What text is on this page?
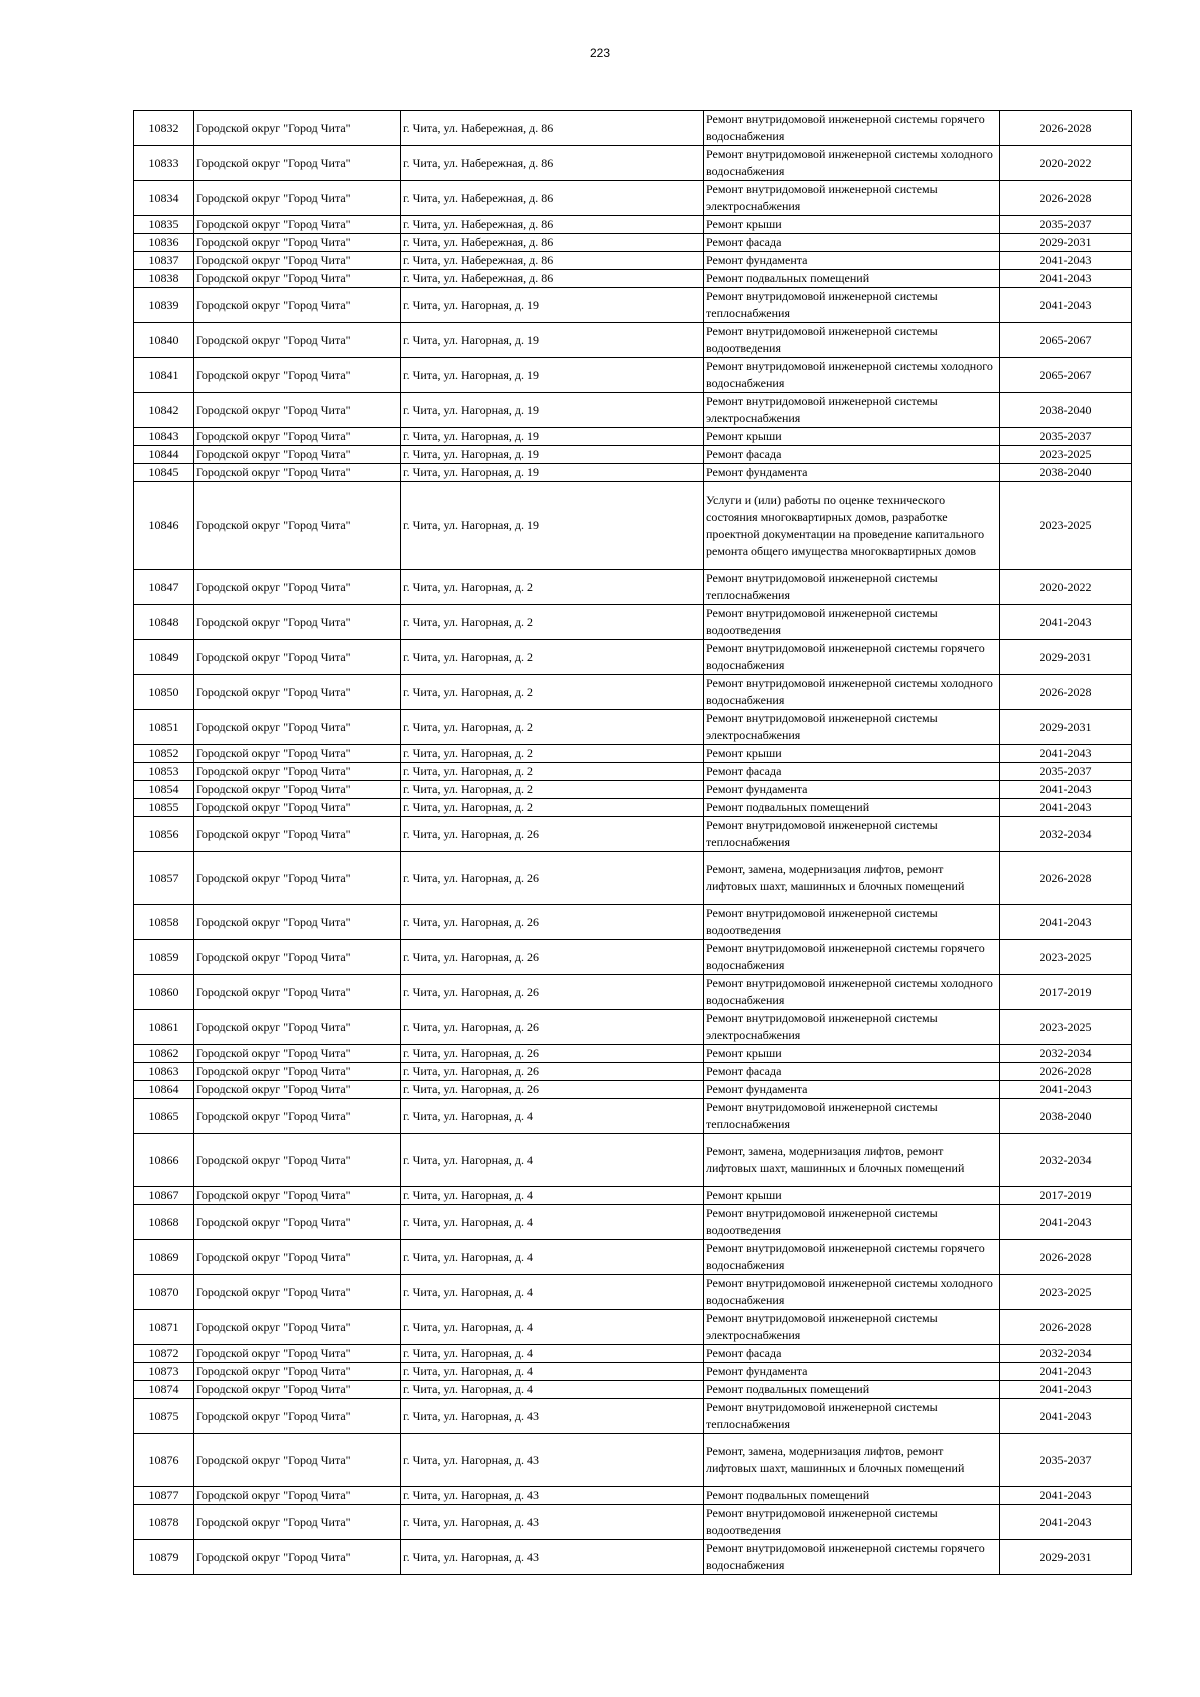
223
10832	Городской округ "Город Чита"	г. Чита, ул. Набережная, д. 86	Ремонт внутридомовой инженерной системы горячего водоснабжения	2026-2028
10833	Городской округ "Город Чита"	г. Чита, ул. Набережная, д. 86	Ремонт внутридомовой инженерной системы холодного водоснабжения	2020-2022
10834	Городской округ "Город Чита"	г. Чита, ул. Набережная, д. 86	Ремонт внутридомовой инженерной системы электроснабжения	2026-2028
10835	Городской округ "Город Чита"	г. Чита, ул. Набережная, д. 86	Ремонт крыши	2035-2037
10836	Городской округ "Город Чита"	г. Чита, ул. Набережная, д. 86	Ремонт фасада	2029-2031
10837	Городской округ "Город Чита"	г. Чита, ул. Набережная, д. 86	Ремонт фундамента	2041-2043
10838	Городской округ "Город Чита"	г. Чита, ул. Набережная, д. 86	Ремонт подвальных помещений	2041-2043
10839	Городской округ "Город Чита"	г. Чита, ул. Нагорная, д. 19	Ремонт внутридомовой инженерной системы теплоснабжения	2041-2043
10840	Городской округ "Город Чита"	г. Чита, ул. Нагорная, д. 19	Ремонт внутридомовой инженерной системы водоотведения	2065-2067
10841	Городской округ "Город Чита"	г. Чита, ул. Нагорная, д. 19	Ремонт внутридомовой инженерной системы холодного водоснабжения	2065-2067
10842	Городской округ "Город Чита"	г. Чита, ул. Нагорная, д. 19	Ремонт внутридомовой инженерной системы электроснабжения	2038-2040
10843	Городской округ "Город Чита"	г. Чита, ул. Нагорная, д. 19	Ремонт крыши	2035-2037
10844	Городской округ "Город Чита"	г. Чита, ул. Нагорная, д. 19	Ремонт фасада	2023-2025
10845	Городской округ "Город Чита"	г. Чита, ул. Нагорная, д. 19	Ремонт фундамента	2038-2040
10846	Городской округ "Город Чита"	г. Чита, ул. Нагорная, д. 19	Услуги и (или) работы по оценке технического состояния многоквартирных домов, разработке проектной документации на проведение капитального ремонта общего имущества многоквартирных домов	2023-2025
10847	Городской округ "Город Чита"	г. Чита, ул. Нагорная, д. 2	Ремонт внутридомовой инженерной системы теплоснабжения	2020-2022
10848	Городской округ "Город Чита"	г. Чита, ул. Нагорная, д. 2	Ремонт внутридомовой инженерной системы водоотведения	2041-2043
10849	Городской округ "Город Чита"	г. Чита, ул. Нагорная, д. 2	Ремонт внутридомовой инженерной системы горячего водоснабжения	2029-2031
10850	Городской округ "Город Чита"	г. Чита, ул. Нагорная, д. 2	Ремонт внутридомовой инженерной системы холодного водоснабжения	2026-2028
10851	Городской округ "Город Чита"	г. Чита, ул. Нагорная, д. 2	Ремонт внутридомовой инженерной системы электроснабжения	2029-2031
10852	Городской округ "Город Чита"	г. Чита, ул. Нагорная, д. 2	Ремонт крыши	2041-2043
10853	Городской округ "Город Чита"	г. Чита, ул. Нагорная, д. 2	Ремонт фасада	2035-2037
10854	Городской округ "Город Чита"	г. Чита, ул. Нагорная, д. 2	Ремонт фундамента	2041-2043
10855	Городской округ "Город Чита"	г. Чита, ул. Нагорная, д. 2	Ремонт подвальных помещений	2041-2043
10856	Городской округ "Город Чита"	г. Чита, ул. Нагорная, д. 26	Ремонт внутридомовой инженерной системы теплоснабжения	2032-2034
10857	Городской округ "Город Чита"	г. Чита, ул. Нагорная, д. 26	Ремонт, замена, модернизация лифтов, ремонт лифтовых шахт, машинных и блочных помещений	2026-2028
10858	Городской округ "Город Чита"	г. Чита, ул. Нагорная, д. 26	Ремонт внутридомовой инженерной системы водоотведения	2041-2043
10859	Городской округ "Город Чита"	г. Чита, ул. Нагорная, д. 26	Ремонт внутридомовой инженерной системы горячего водоснабжения	2023-2025
10860	Городской округ "Город Чита"	г. Чита, ул. Нагорная, д. 26	Ремонт внутридомовой инженерной системы холодного водоснабжения	2017-2019
10861	Городской округ "Город Чита"	г. Чита, ул. Нагорная, д. 26	Ремонт внутридомовой инженерной системы электроснабжения	2023-2025
10862	Городской округ "Город Чита"	г. Чита, ул. Нагорная, д. 26	Ремонт крыши	2032-2034
10863	Городской округ "Город Чита"	г. Чита, ул. Нагорная, д. 26	Ремонт фасада	2026-2028
10864	Городской округ "Город Чита"	г. Чита, ул. Нагорная, д. 26	Ремонт фундамента	2041-2043
10865	Городской округ "Город Чита"	г. Чита, ул. Нагорная, д. 4	Ремонт внутридомовой инженерной системы теплоснабжения	2038-2040
10866	Городской округ "Город Чита"	г. Чита, ул. Нагорная, д. 4	Ремонт, замена, модернизация лифтов, ремонт лифтовых шахт, машинных и блочных помещений	2032-2034
10867	Городской округ "Город Чита"	г. Чита, ул. Нагорная, д. 4	Ремонт крыши	2017-2019
10868	Городской округ "Город Чита"	г. Чита, ул. Нагорная, д. 4	Ремонт внутридомовой инженерной системы водоотведения	2041-2043
10869	Городской округ "Город Чита"	г. Чита, ул. Нагорная, д. 4	Ремонт внутридомовой инженерной системы горячего водоснабжения	2026-2028
10870	Городской округ "Город Чита"	г. Чита, ул. Нагорная, д. 4	Ремонт внутридомовой инженерной системы холодного водоснабжения	2023-2025
10871	Городской округ "Город Чита"	г. Чита, ул. Нагорная, д. 4	Ремонт внутридомовой инженерной системы электроснабжения	2026-2028
10872	Городской округ "Город Чита"	г. Чита, ул. Нагорная, д. 4	Ремонт фасада	2032-2034
10873	Городской округ "Город Чита"	г. Чита, ул. Нагорная, д. 4	Ремонт фундамента	2041-2043
10874	Городской округ "Город Чита"	г. Чита, ул. Нагорная, д. 4	Ремонт подвальных помещений	2041-2043
10875	Городской округ "Город Чита"	г. Чита, ул. Нагорная, д. 43	Ремонт внутридомовой инженерной системы теплоснабжения	2041-2043
10876	Городской округ "Город Чита"	г. Чита, ул. Нагорная, д. 43	Ремонт, замена, модернизация лифтов, ремонт лифтовых шахт, машинных и блочных помещений	2035-2037
10877	Городской округ "Город Чита"	г. Чита, ул. Нагорная, д. 43	Ремонт подвальных помещений	2041-2043
10878	Городской округ "Город Чита"	г. Чита, ул. Нагорная, д. 43	Ремонт внутридомовой инженерной системы водоотведения	2041-2043
10879	Городской округ "Город Чита"	г. Чита, ул. Нагорная, д. 43	Ремонт внутридомовой инженерной системы горячего водоснабжения	2029-2031
